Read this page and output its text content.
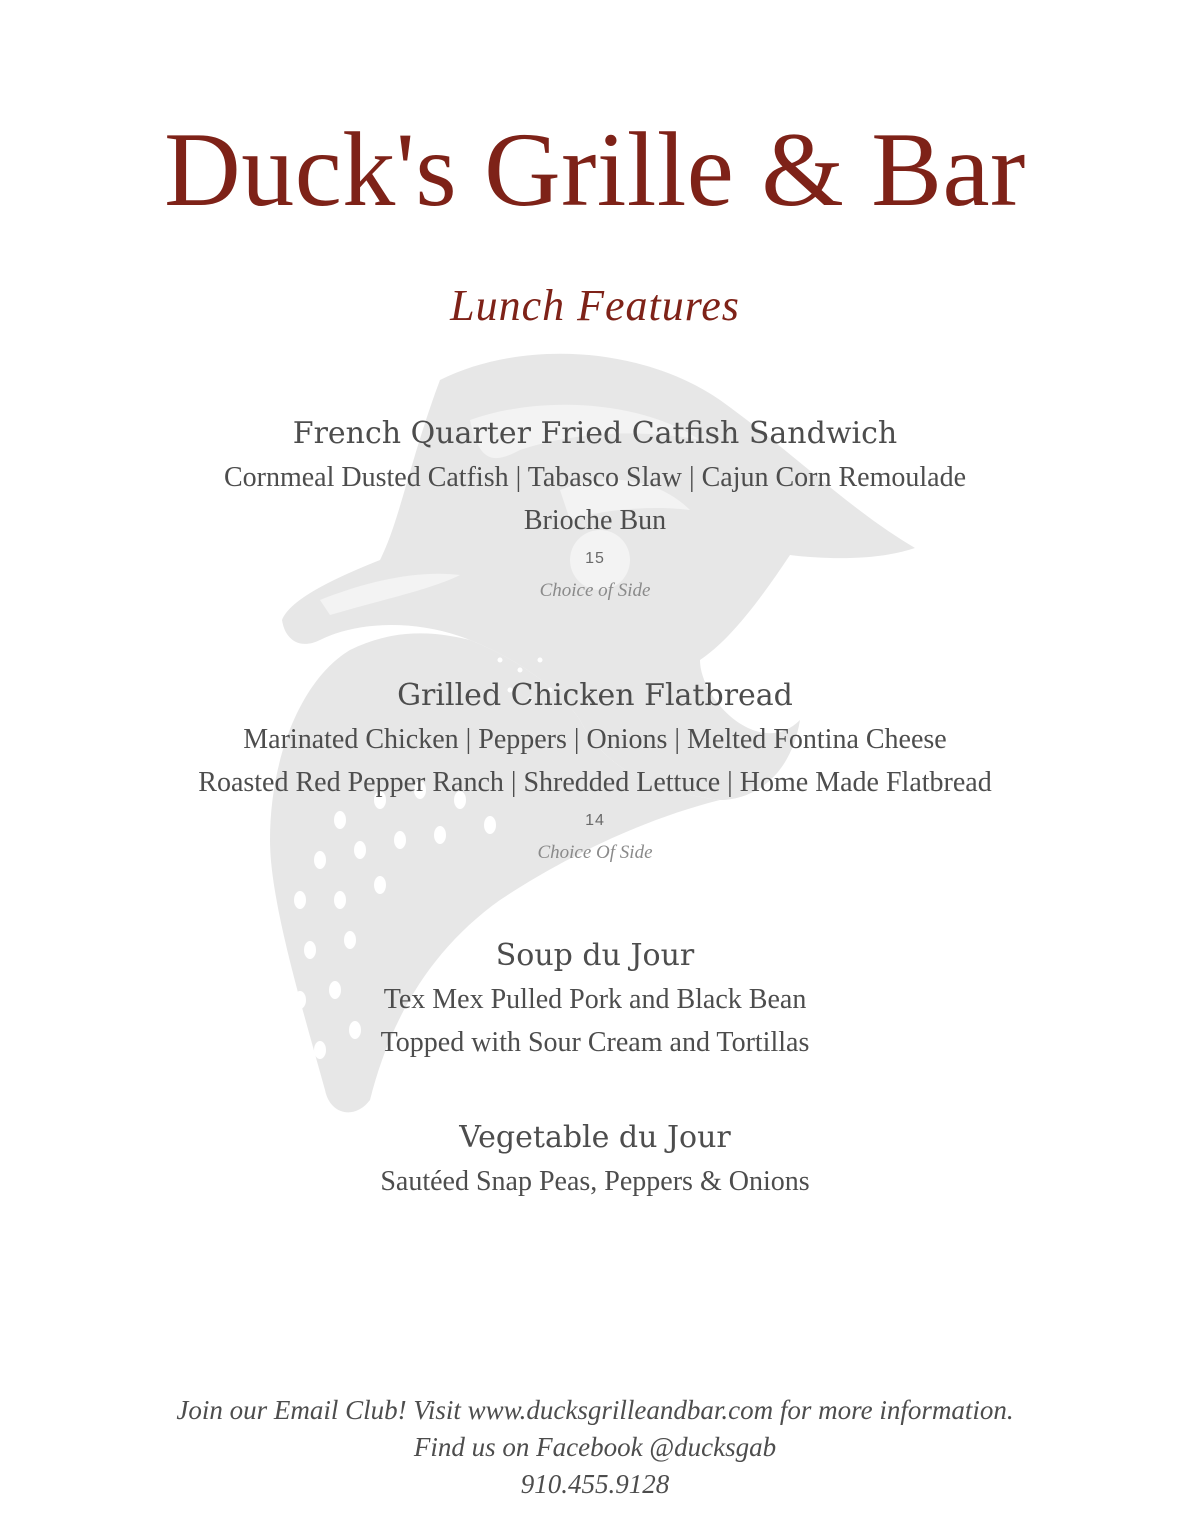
Duck's Grille & Bar
Lunch Features

French Quarter Fried Catfish Sandwich

Cornmeal Dusted Catfish | Tabasco Slaw | Cajun Corn Remoulade

Brioche Bun

15

Choice of Side

Grilled Chicken Flatbread

Marinated Chicken | Peppers | Onions | Melted Fontina Cheese

Roasted Red Pepper Ranch | Shredded Lettuce | Home Made Flatbread

14

Choice Of Side

Soup du Jour

Tex Mex Pulled Pork and Black Bean

Topped with Sour Cream and Tortillas

Vegetable du Jour

Sautéed Snap Peas, Peppers & Onions

Join our Email Club! Visit www.ducksgrilleandbar.com for more information.

Find us on Facebook @ducksgab

910.455.9128
